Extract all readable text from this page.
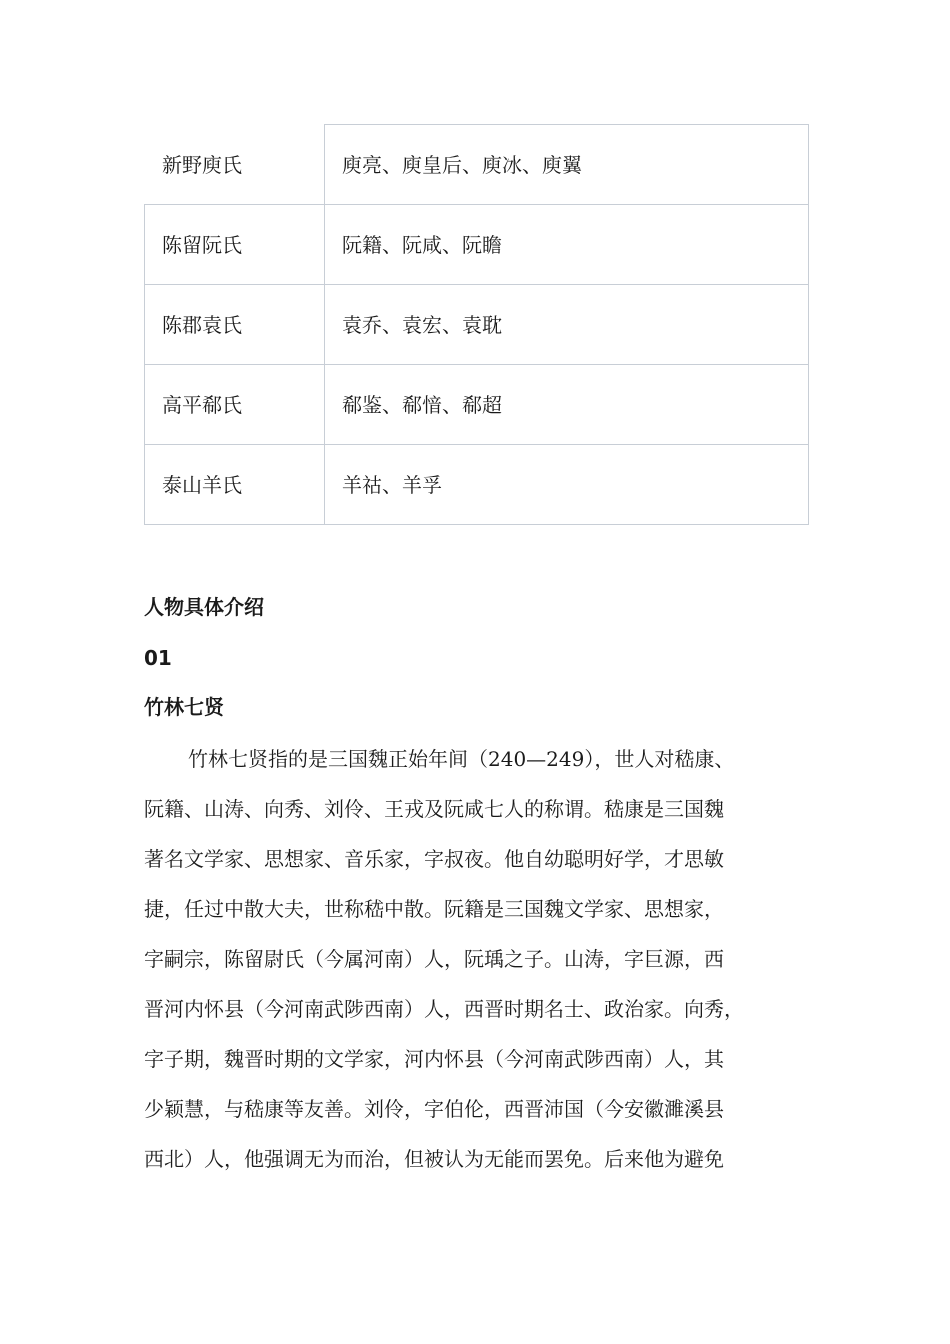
新野庾氏	庾亮、庾皇后、庾冰、庾翼
陈留阮氏	阮籍、阮咸、阮瞻
陈郡袁氏	袁乔、袁宏、袁耽
高平郗氏	郗鉴、郗愔、郗超
泰山羊氏	羊祜、羊孚
人物具体介绍
01
竹林七贤

竹林七贤指的是三国魏正始年间（240—249），世人对嵇康、
阮籍、山涛、向秀、刘伶、王戎及阮咸七人的称谓。嵇康是三国魏
著名文学家、思想家、音乐家，字叔夜。他自幼聪明好学，才思敏
捷，任过中散大夫，世称嵇中散。阮籍是三国魏文学家、思想家，
字嗣宗，陈留尉氏（今属河南）人，阮瑀之子。山涛，字巨源，西
晋河内怀县（今河南武陟西南）人，西晋时期名士、政治家。向秀，
字子期，魏晋时期的文学家，河内怀县（今河南武陟西南）人，其
少颖慧，与嵇康等友善。刘伶，字伯伦，西晋沛国（今安徽濉溪县
西北）人，他强调无为而治，但被认为无能而罢免。后来他为避免
